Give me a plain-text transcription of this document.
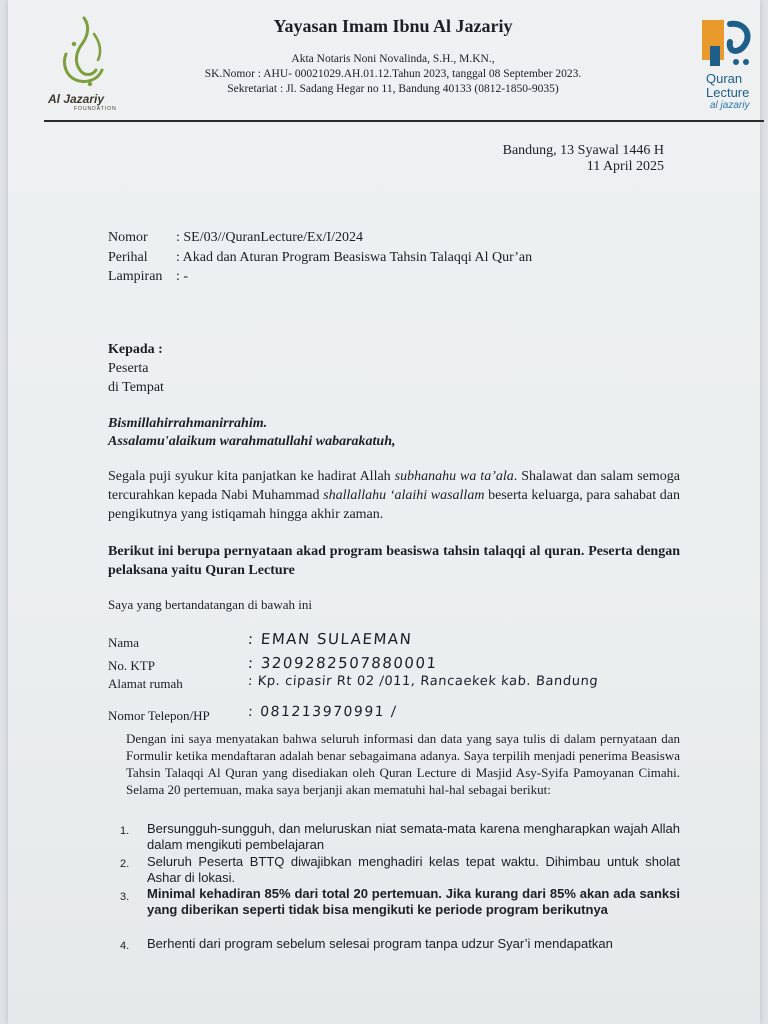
Al Jazariy
FOUNDATION
Quran
Lecture
al jazariy
Yayasan Imam Ibnu Al Jazariy
Akta Notaris Noni Novalinda, S.H., M.KN.,
SK.Nomor : AHU- 00021029.AH.01.12.Tahun 2023, tanggal 08 September 2023.
Sekretariat : Jl. Sadang Hegar no 11, Bandung 40133 (0812-1850-9035)
Bandung, 13 Syawal 1446 H
11 April 2025
Nomor : SE/03//QuranLecture/Ex/I/2024
Perihal : Akad dan Aturan Program Beasiswa Tahsin Talaqqi Al Qur’an
Lampiran : -
Kepada :
Peserta
di Tempat
Bismillahirrahmanirrahim.
Assalamu'alaikum warahmatullahi wabarakatuh,
Segala puji syukur kita panjatkan ke hadirat Allah subhanahu wa ta’ala. Shalawat dan salam semoga tercurahkan kepada Nabi Muhammad shallallahu ‘alaihi wasallam beserta keluarga, para sahabat dan pengikutnya yang istiqamah hingga akhir zaman.
Berikut ini berupa pernyataan akad program beasiswa tahsin talaqqi al quran. Peserta dengan pelaksana yaitu Quran Lecture
Saya yang bertandatangan di bawah ini
Nama	: EMAN SULAEMAN
No. KTP	: 3209282507880001
Alamat rumah	: Kp. cipasir Rt 02 /011, Rancaekek kab. Bandung
Nomor Telepon/HP	: 081213970991 /
Dengan ini saya menyatakan bahwa seluruh informasi dan data yang saya tulis di dalam pernyataan dan Formulir ketika mendaftaran adalah benar sebagaimana adanya. Saya terpilih menjadi penerima Beasiswa Tahsin Talaqqi Al Quran yang disediakan oleh Quran Lecture di Masjid Asy-Syifa Pamoyanan Cimahi. Selama 20 pertemuan, maka saya berjanji akan mematuhi hal-hal sebagai berikut:
1. Bersungguh-sungguh, dan meluruskan niat semata-mata karena mengharapkan wajah Allah dalam mengikuti pembelajaran
2. Seluruh Peserta BTTQ diwajibkan menghadiri kelas tepat waktu. Dihimbau untuk sholat Ashar di lokasi.
3. Minimal kehadiran 85% dari total 20 pertemuan. Jika kurang dari 85% akan ada sanksi yang diberikan seperti tidak bisa mengikuti ke periode program berikutnya
4. Berhenti dari program sebelum selesai program tanpa udzur Syar’i mendapatkan
